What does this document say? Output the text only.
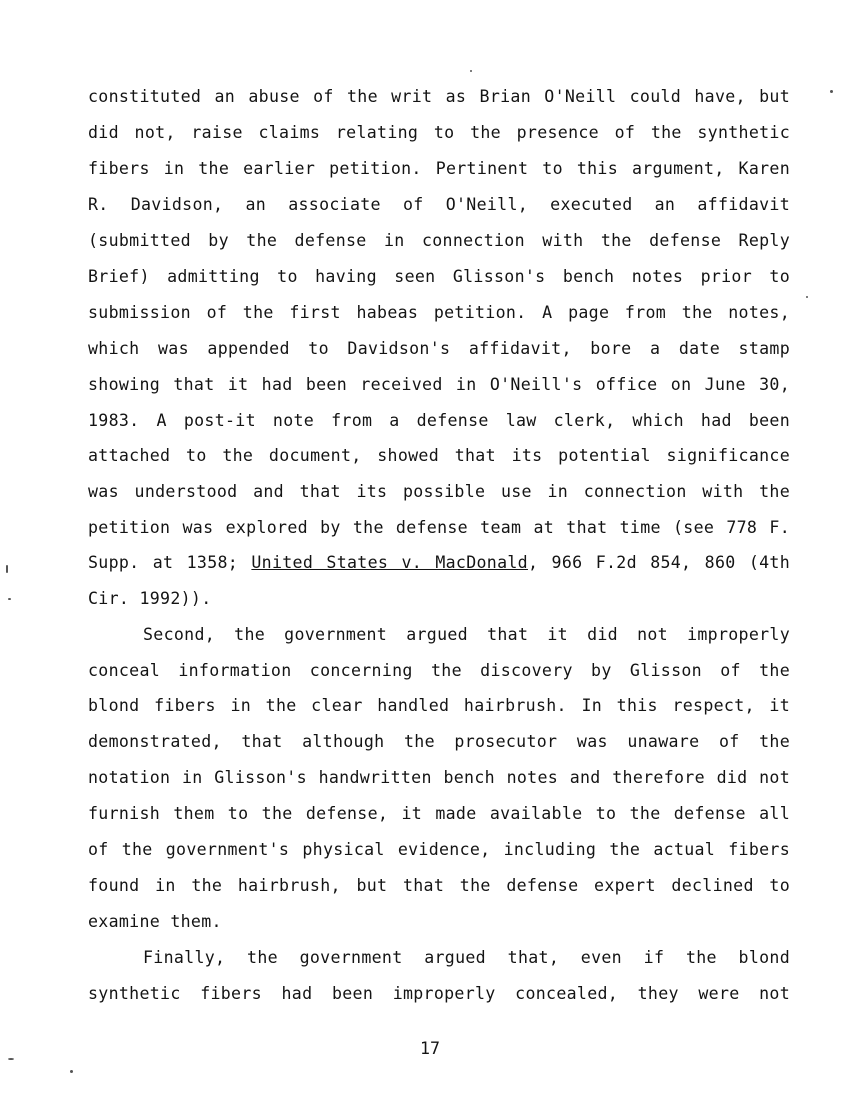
constituted an abuse of the writ as Brian O'Neill could have, but
did not, raise claims relating to the presence of the synthetic
fibers in the earlier petition. Pertinent to this argument, Karen
R. Davidson, an associate of O'Neill, executed an affidavit
(submitted by the defense in connection with the defense Reply
Brief) admitting to having seen Glisson's bench notes prior to
submission of the first habeas petition. A page from the notes,
which was appended to Davidson's affidavit, bore a date stamp
showing that it had been received in O'Neill's office on June 30,
1983. A post-it note from a defense law clerk, which had been
attached to the document, showed that its potential significance
was understood and that its possible use in connection with the
petition was explored by the defense team at that time (see 778 F.
Supp. at 1358; United States v. MacDonald, 966 F.2d 854, 860 (4th
Cir. 1992)).
Second, the government argued that it did not improperly
conceal information concerning the discovery by Glisson of the
blond fibers in the clear handled hairbrush. In this respect, it
demonstrated, that although the prosecutor was unaware of the
notation in Glisson's handwritten bench notes and therefore did not
furnish them to the defense, it made available to the defense all
of the government's physical evidence, including the actual fibers
found in the hairbrush, but that the defense expert declined to
examine them.
Finally, the government argued that, even if the blond
synthetic fibers had been improperly concealed, they were not
17
